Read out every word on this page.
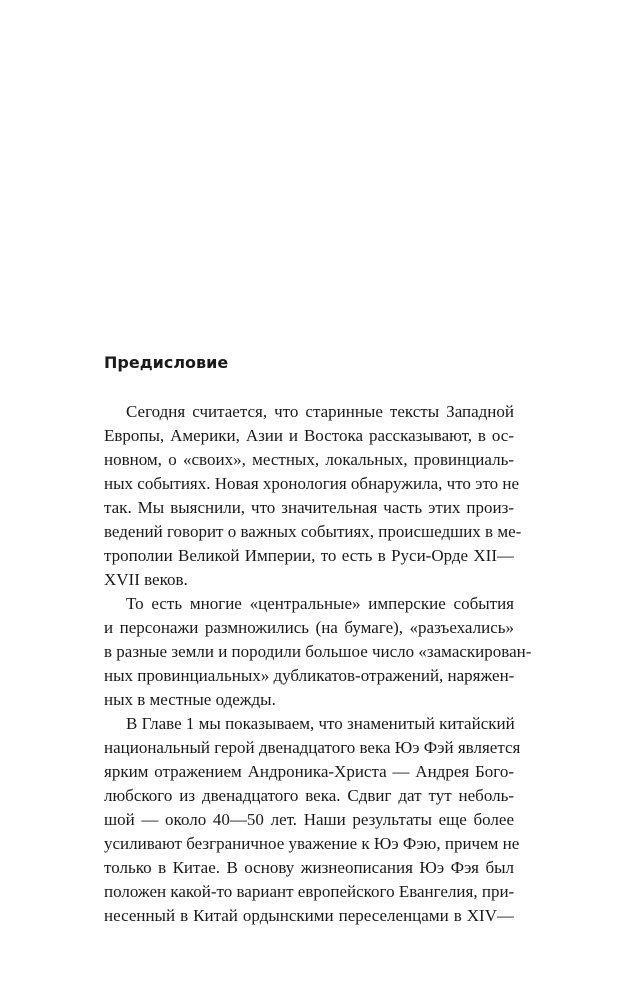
Предисловие
Сегодня считается, что старинные тексты Западной
Европы, Америки, Азии и Востока рассказывают, в ос-
новном, о «своих», местных, локальных, провинциаль-
ных событиях. Новая хронология обнаружила, что это не
так. Мы выяснили, что значительная часть этих произ-
ведений говорит о важных событиях, происшедших в ме-
трополии Великой Империи, то есть в Руси-Орде XII—
XVII веков.
То есть многие «центральные» имперские события
и персонажи размножились (на бумаге), «разъехались»
в разные земли и породили большое число «замаскирован-
ных провинциальных» дубликатов-отражений, наряжен-
ных в местные одежды.
В Главе 1 мы показываем, что знаменитый китайский
национальный герой двенадцатого века Юэ Фэй является
ярким отражением Андроника-Христа — Андрея Бого-
любского из двенадцатого века. Сдвиг дат тут неболь-
шой — около 40—50 лет. Наши результаты еще более
усиливают безграничное уважение к Юэ Фэю, причем не
только в Китае. В основу жизнеописания Юэ Фэя был
положен какой-то вариант европейского Евангелия, при-
несенный в Китай ордынскими переселенцами в XIV—
